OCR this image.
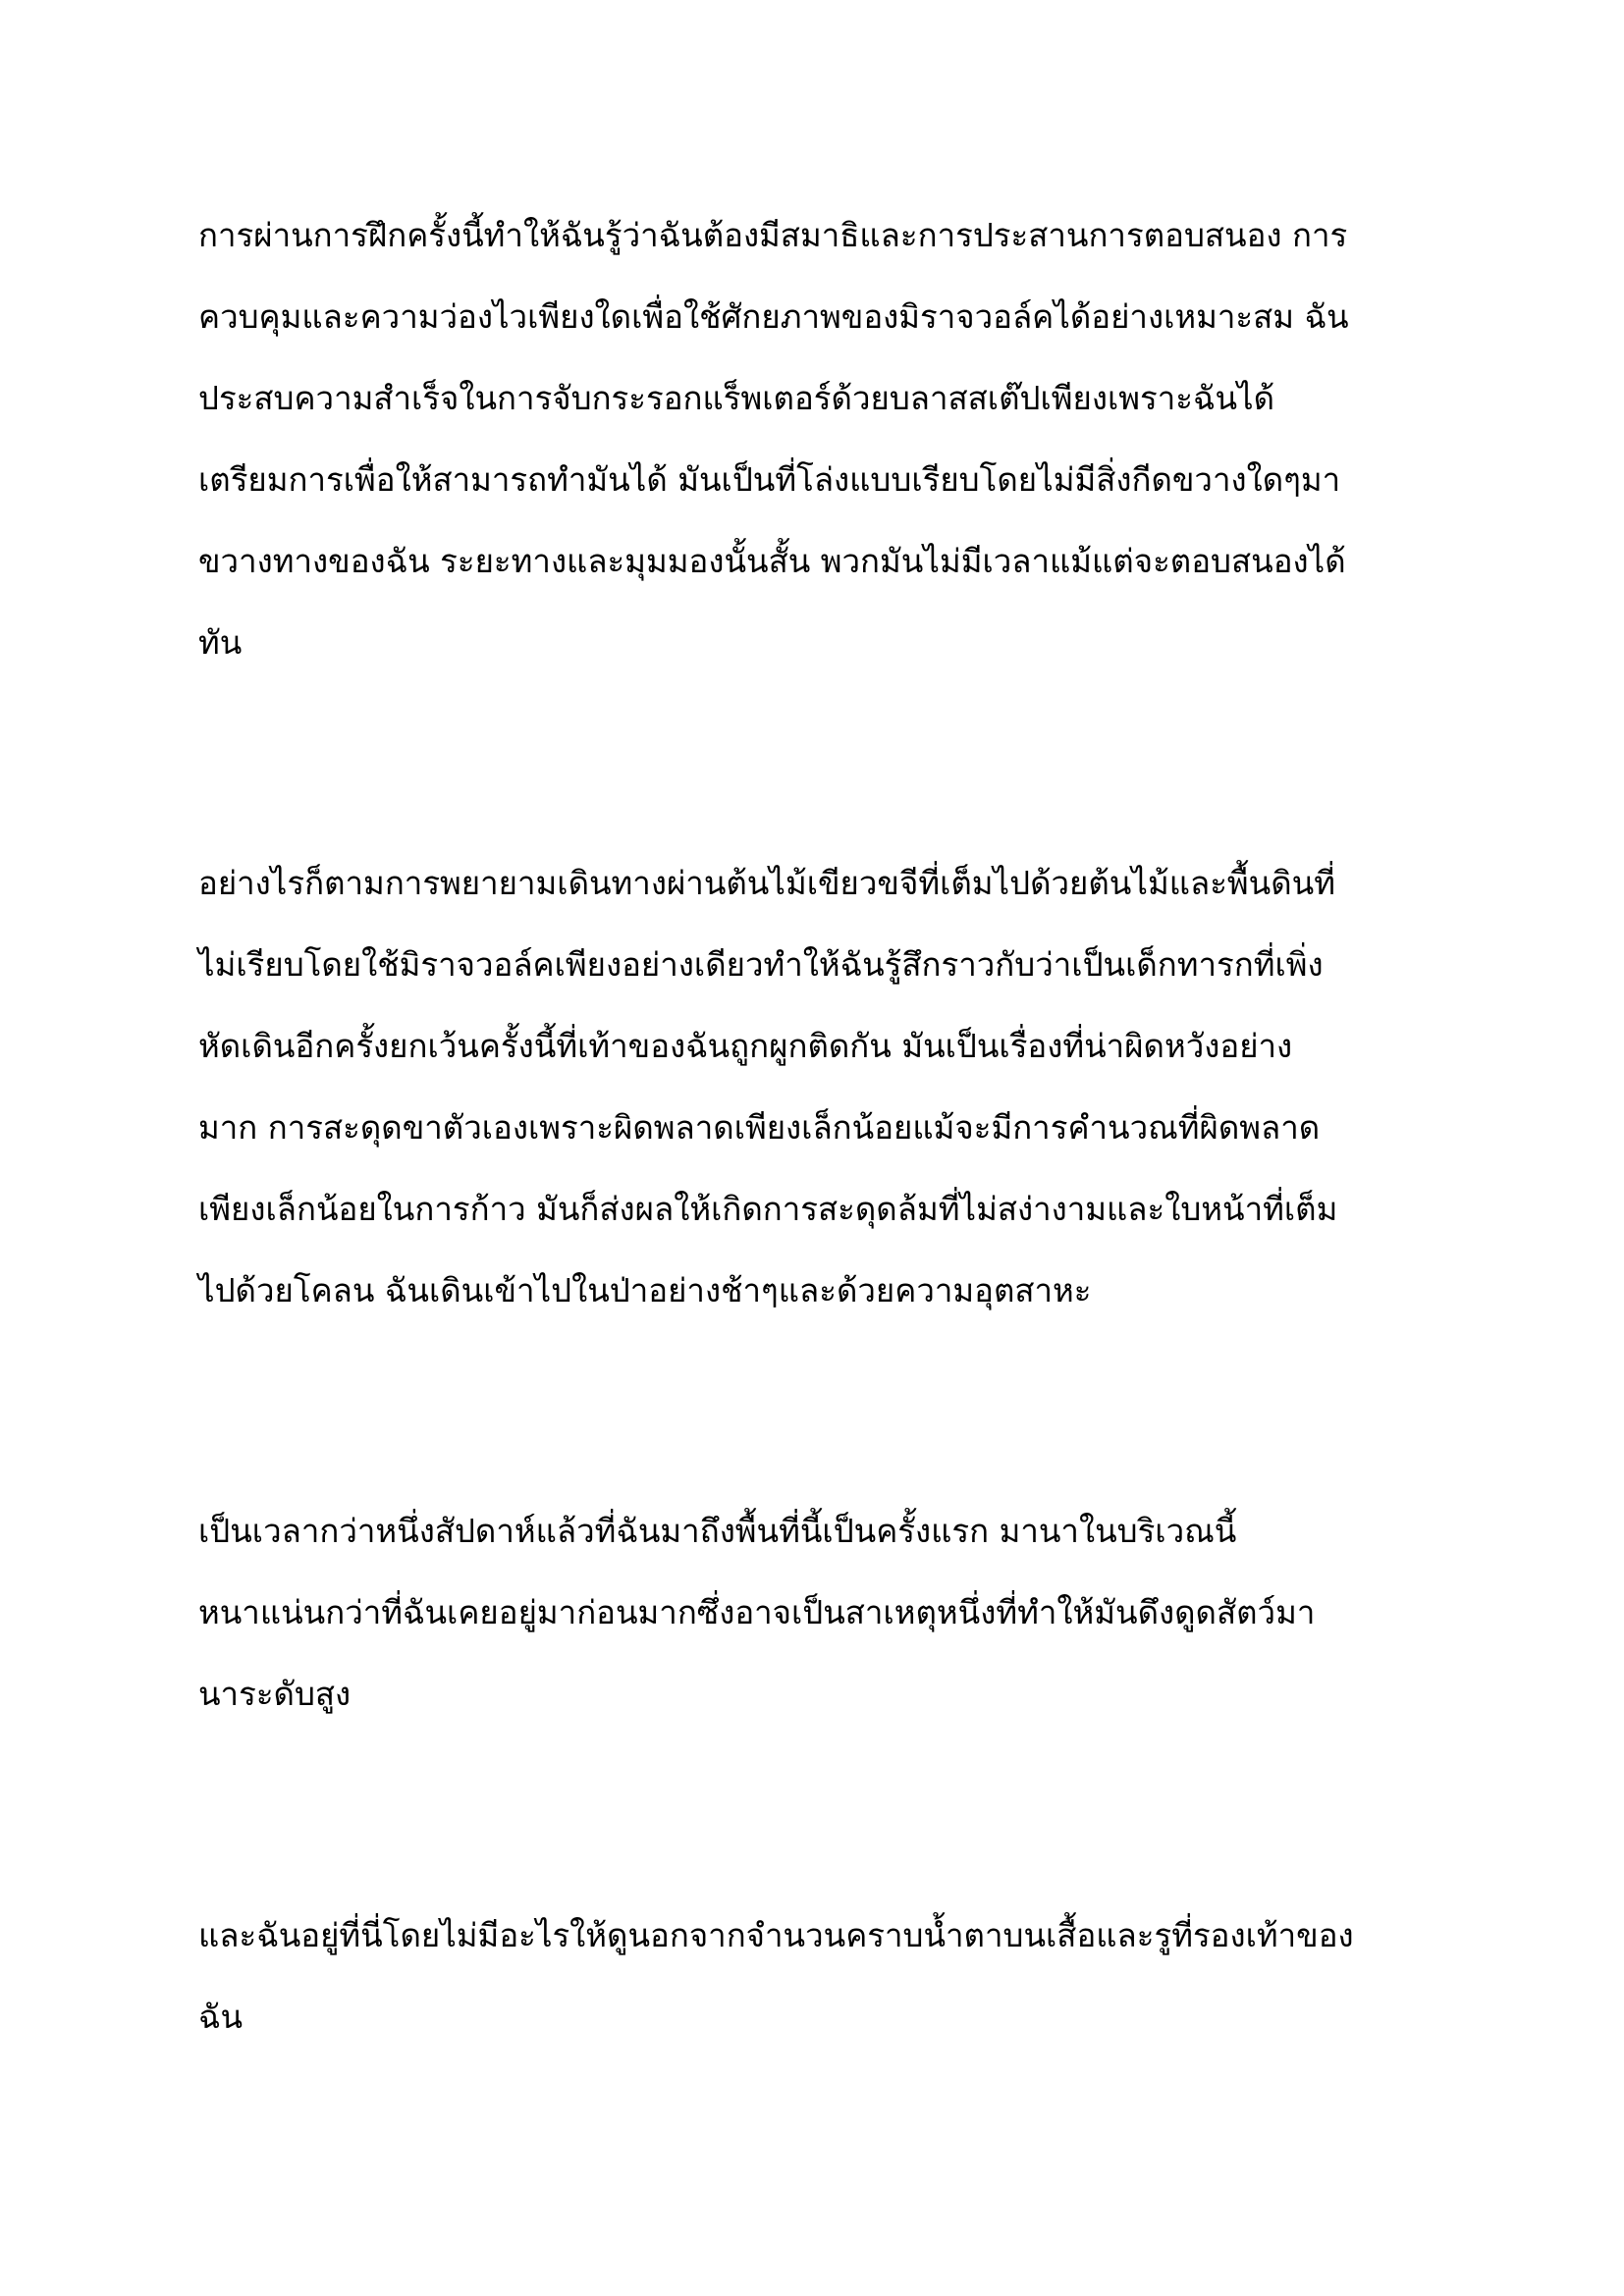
การผ่านการฝึกครั้งนี้ทำให้ฉันรู้ว่าฉันต้องมีสมาธิและการประสานการตอบสนอง การ
ควบคุมและความว่องไวเพียงใดเพื่อใช้ศักยภาพของมิราจวอล์คได้อย่างเหมาะสม ฉัน
ประสบความสำเร็จในการจับกระรอกแร็พเตอร์ด้วยบลาสสเต๊ปเพียงเพราะฉันได้
เตรียมการเพื่อให้สามารถทำมันได้ มันเป็นที่โล่งแบบเรียบโดยไม่มีสิ่งกีดขวางใดๆมา
ขวางทางของฉัน ระยะทางและมุมมองนั้นสั้น พวกมันไม่มีเวลาแม้แต่จะตอบสนองได้
ทัน

อย่างไรก็ตามการพยายามเดินทางผ่านต้นไม้เขียวขจีที่เต็มไปด้วยต้นไม้และพื้นดินที่
ไม่เรียบโดยใช้มิราจวอล์คเพียงอย่างเดียวทำให้ฉันรู้สึกราวกับว่าเป็นเด็กทารกที่เพิ่ง
หัดเดินอีกครั้งยกเว้นครั้งนี้ที่เท้าของฉันถูกผูกติดกัน มันเป็นเรื่องที่น่าผิดหวังอย่าง
มาก การสะดุดขาตัวเองเพราะผิดพลาดเพียงเล็กน้อยแม้จะมีการคำนวณที่ผิดพลาด
เพียงเล็กน้อยในการก้าว มันก็ส่งผลให้เกิดการสะดุดล้มที่ไม่สง่างามและใบหน้าที่เต็ม
ไปด้วยโคลน ฉันเดินเข้าไปในป่าอย่างช้าๆและด้วยความอุตสาหะ

เป็นเวลากว่าหนึ่งสัปดาห์แล้วที่ฉันมาถึงพื้นที่นี้เป็นครั้งแรก มานาในบริเวณนี้
หนาแน่นกว่าที่ฉันเคยอยู่มาก่อนมากซึ่งอาจเป็นสาเหตุหนึ่งที่ทำให้มันดึงดูดสัตว์มา
นาระดับสูง

และฉันอยู่ที่นี่โดยไม่มีอะไรให้ดูนอกจากจำนวนคราบน้ำตาบนเสื้อและรูที่รองเท้าของ
ฉัน
